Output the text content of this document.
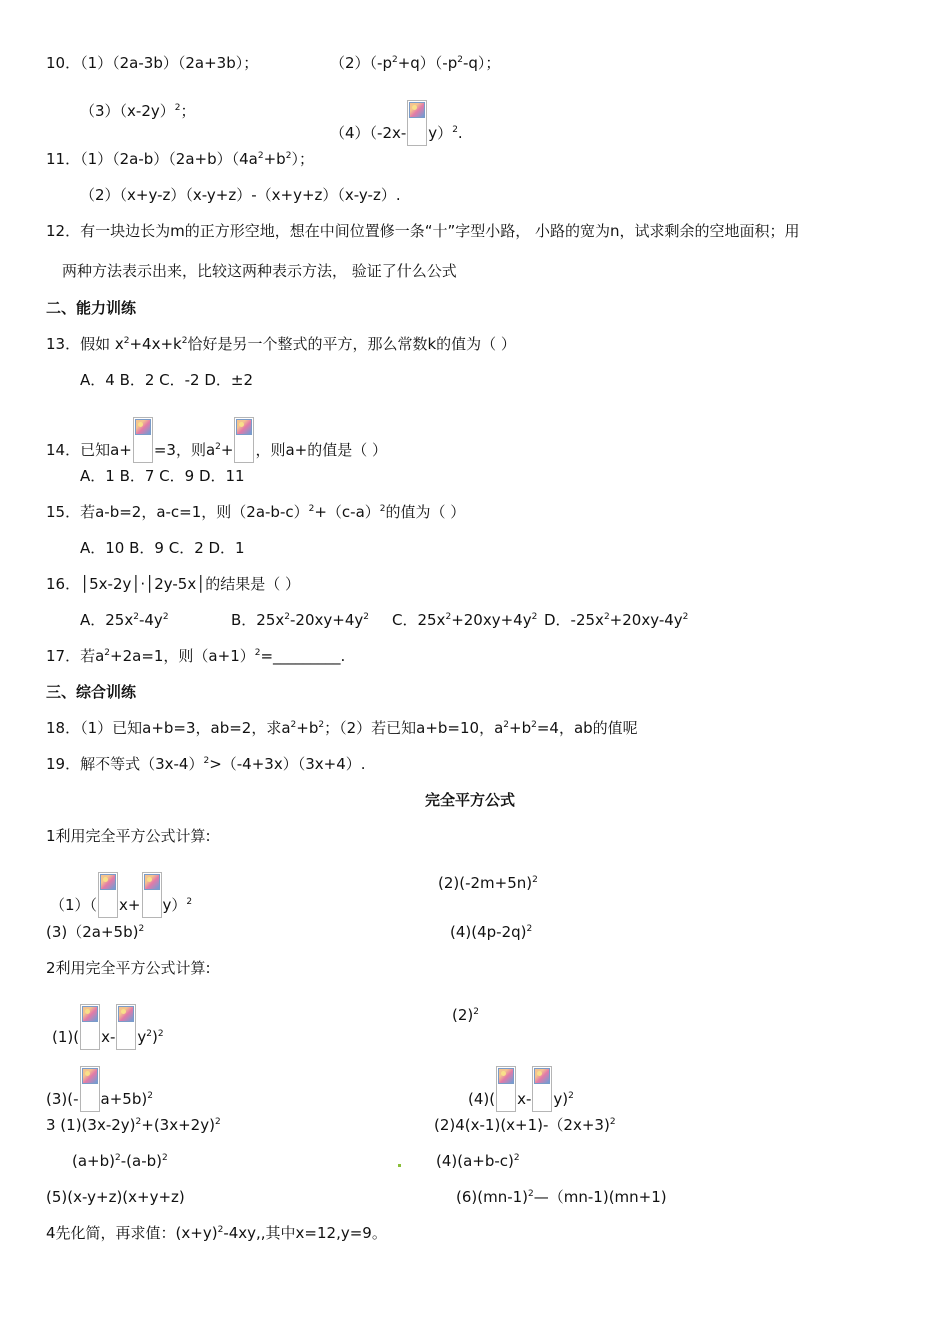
10．（1）（2a-3b）（2a+3b）；	$(2)(-p^2+q)(-p^2-q)$；
$(3)(x-2y)^2$；
（4）（-2x- y）$^2$.
11．$(1)(2a-b)(2a+b)(4a^2+b^2)$；
（2）（x+y-z）（x-y+z）-（x+y+z）（x-y-z）.
12．有一块边长为m的正方形空地，想在中间位置修一条“十”字型小路， 小路的宽为n，试求剩余的空地面积；用
两种方法表示出来，比较这两种表示方法， 验证了什么公式
二、能力训练
13．假如 $x^2+4x+k^2$恰好是另一个整式的平方，那么常数k的值为（ ）
A．4 B．2 C．-2 D．±2
14．已知a+ =3，则$a^2+$ ，则a+的值是（ ）
A．1 B．7 C．9 D．11
15．若a-b=2，a-c=1，则$(2a-b-c)^2+(c-a)^2$的值为（ ）
A．10 B．9 C．2 D．1
16．│5x-2y│·│2y-5x│的结果是（ ）
A．$25x^2-4y^2$	B．$25x^2-20xy+4y^2$ C．$25x^2+20xy+4y^2$ D．$-25x^2+20xy-4y^2$
17．若$a^2+2a=1$，则$(a+1)^2=\_\_\_\_\_\_\_\_\_$.
三、综合训练
18．（1）已知a+b=3，ab=2，求$a^2+b^2$；（2）若已知a+b=10，$a^2+b^2=4$，ab的值呢
19．解不等式$(3x-4)^2>(-4+3x)(3x+4)$.
完全平方公式
1利用完全平方公式计算:
（1）（ x+ y）$^2$
$(2)(-2m+5n)^2$
(3)（2a+5b)$^2$	$(4)(4p-2q)^2$
2利用完全平方公式计算:
(1)( x- $y^2)^2$
$(2)^2$
(3)(- a+5b)$^2$	(4)( x- y)$^2$
3 $(1)(3x-2y)^2+(3x+2y)^2$	(2)4(x-1)(x+1)-（2x+3)$^2$
$(a+b)^2-(a-b)^2$	$(4)(a+b-c)^2$
(5)(x-y+z)(x+y+z)	$(6)(mn-1)^2—(mn-1)(mn+1)$
4先化简，再求值：$(x+y)^2-4xy$,,其中x=12,y=9。
